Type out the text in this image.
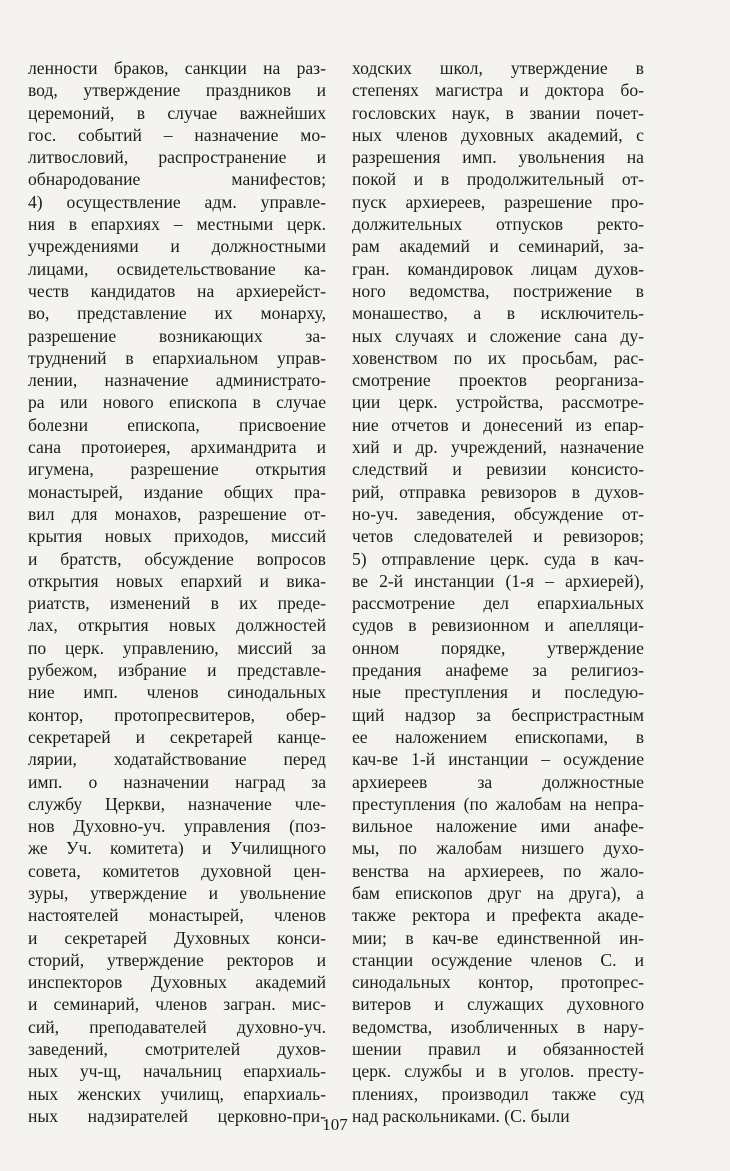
ленности браков, санкции на раз-
вод, утверждение праздников и
церемоний, в случае важнейших
гос. событий – назначение мо-
литвословий, распространение и
обнародование манифестов;
4) осуществление адм. управле-
ния в епархиях – местными церк.
учреждениями и должностными
лицами, освидетельствование ка-
честв кандидатов на архиерейст-
во, представление их монарху,
разрешение возникающих за-
труднений в епархиальном управ-
лении, назначение администрато-
ра или нового епископа в случае
болезни епископа, присвоение
сана протоиерея, архимандрита и
игумена, разрешение открытия
монастырей, издание общих пра-
вил для монахов, разрешение от-
крытия новых приходов, миссий
и братств, обсуждение вопросов
открытия новых епархий и вика-
риатств, изменений в их преде-
лах, открытия новых должностей
по церк. управлению, миссий за
рубежом, избрание и представле-
ние имп. членов синодальных
контор, протопресвитеров, обер-
секретарей и секретарей канце-
лярии, ходатайствование перед
имп. о назначении наград за
службу Церкви, назначение чле-
нов Духовно-уч. управления (поз-
же Уч. комитета) и Училищного
совета, комитетов духовной цен-
зуры, утверждение и увольнение
настоятелей монастырей, членов
и секретарей Духовных конси-
сторий, утверждение ректоров и
инспекторов Духовных академий
и семинарий, членов загран. мис-
сий, преподавателей духовно-уч.
заведений, смотрителей духов-
ных уч-щ, начальниц епархиаль-
ных женских училищ, епархиаль-
ных надзирателей церковно-при-
ходских школ, утверждение в
степенях магистра и доктора бо-
гословских наук, в звании почет-
ных членов духовных академий, с
разрешения имп. увольнения на
покой и в продолжительный от-
пуск архиереев, разрешение про-
должительных отпусков ректо-
рам академий и семинарий, за-
гран. командировок лицам духов-
ного ведомства, пострижение в
монашество, а в исключитель-
ных случаях и сложение сана ду-
ховенством по их просьбам, рас-
смотрение проектов реорганиза-
ции церк. устройства, рассмотре-
ние отчетов и донесений из епар-
хий и др. учреждений, назначение
следствий и ревизии консисто-
рий, отправка ревизоров в духов-
но-уч. заведения, обсуждение от-
четов следователей и ревизоров;
5) отправление церк. суда в кач-
ве 2-й инстанции (1-я – архиерей),
рассмотрение дел епархиальных
судов в ревизионном и апелляци-
онном порядке, утверждение
предания анафеме за религиоз-
ные преступления и последую-
щий надзор за беспристрастным
ее наложением епископами, в
кач-ве 1-й инстанции – осуждение
архиереев за должностные
преступления (по жалобам на непра-
вильное наложение ими анафе-
мы, по жалобам низшего духо-
венства на архиереев, по жало-
бам епископов друг на друга), а
также ректора и префекта акаде-
мии; в кач-ве единственной ин-
станции осуждение членов С. и
синодальных контор, протопрес-
витеров и служащих духовного
ведомства, изобличенных в нару-
шении правил и обязанностей
церк. службы и в уголов. престу-
плениях, производил также суд
над раскольниками. (С. были
107
